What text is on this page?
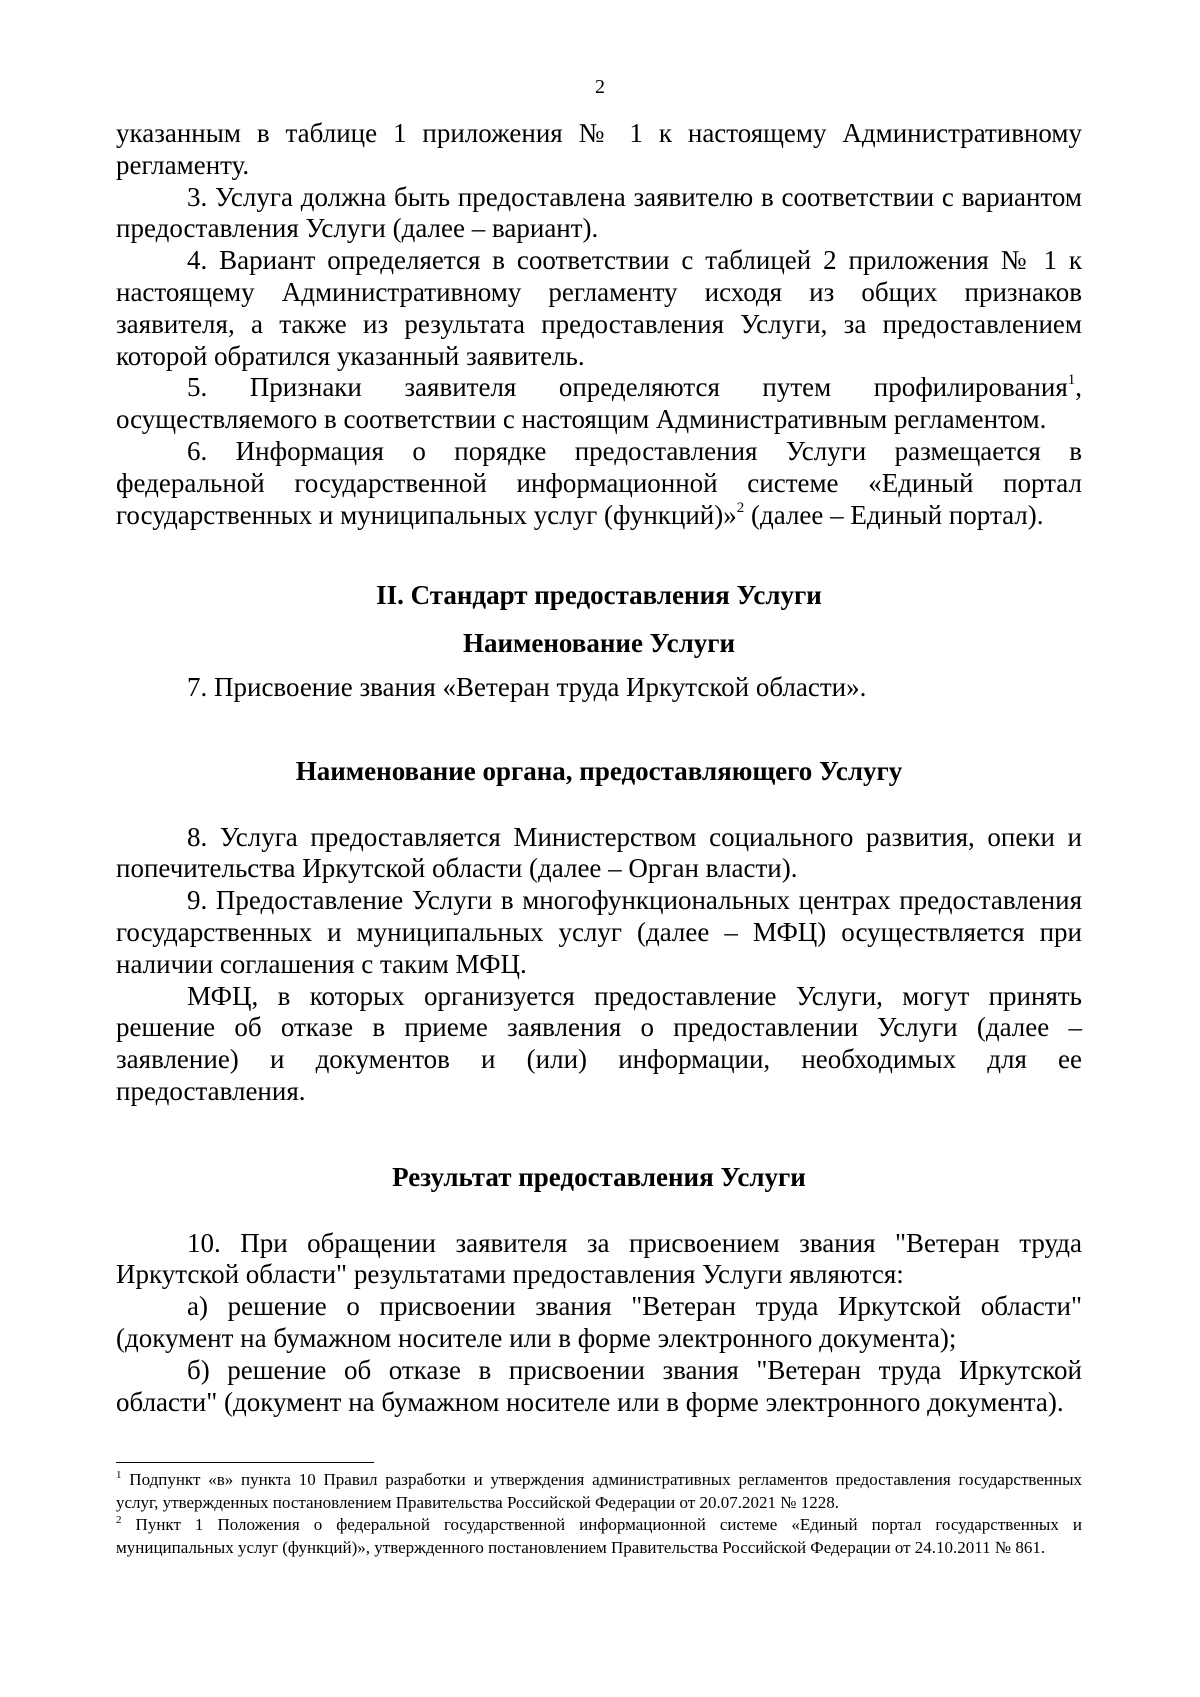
2

указанным в таблице 1 приложения № 1 к настоящему Административному регламенту.

3. Услуга должна быть предоставлена заявителю в соответствии с вариантом предоставления Услуги (далее – вариант).

4. Вариант определяется в соответствии с таблицей 2 приложения № 1 к настоящему Административному регламенту исходя из общих признаков заявителя, а также из результата предоставления Услуги, за предоставлением которой обратился указанный заявитель.

5. Признаки заявителя определяются путем профилирования$^1$, осуществляемого в соответствии с настоящим Административным регламентом.

6. Информация о порядке предоставления Услуги размещается в федеральной государственной информационной системе «Единый портал государственных и муниципальных услуг (функций)»$^2$ (далее – Единый портал).

II. Стандарт предоставления Услуги

Наименование Услуги

7. Присвоение звания «Ветеран труда Иркутской области».

Наименование органа, предоставляющего Услугу

8. Услуга предоставляется Министерством социального развития, опеки и попечительства Иркутской области (далее – Орган власти).

9. Предоставление Услуги в многофункциональных центрах предоставления государственных и муниципальных услуг (далее – МФЦ) осуществляется при наличии соглашения с таким МФЦ.

МФЦ, в которых организуется предоставление Услуги, могут принять решение об отказе в приеме заявления о предоставлении Услуги (далее – заявление) и документов и (или) информации, необходимых для ее предоставления.

Результат предоставления Услуги

10. При обращении заявителя за присвоением звания "Ветеран труда Иркутской области" результатами предоставления Услуги являются:

а) решение о присвоении звания "Ветеран труда Иркутской области" (документ на бумажном носителе или в форме электронного документа);

б) решение об отказе в присвоении звания "Ветеран труда Иркутской области" (документ на бумажном носителе или в форме электронного документа).

$^1$ Подпункт «в» пункта 10 Правил разработки и утверждения административных регламентов предоставления государственных услуг, утвержденных постановлением Правительства Российской Федерации от 20.07.2021 № 1228.

$^2$ Пункт 1 Положения о федеральной государственной информационной системе «Единый портал государственных и муниципальных услуг (функций)», утвержденного постановлением Правительства Российской Федерации от 24.10.2011 № 861.
